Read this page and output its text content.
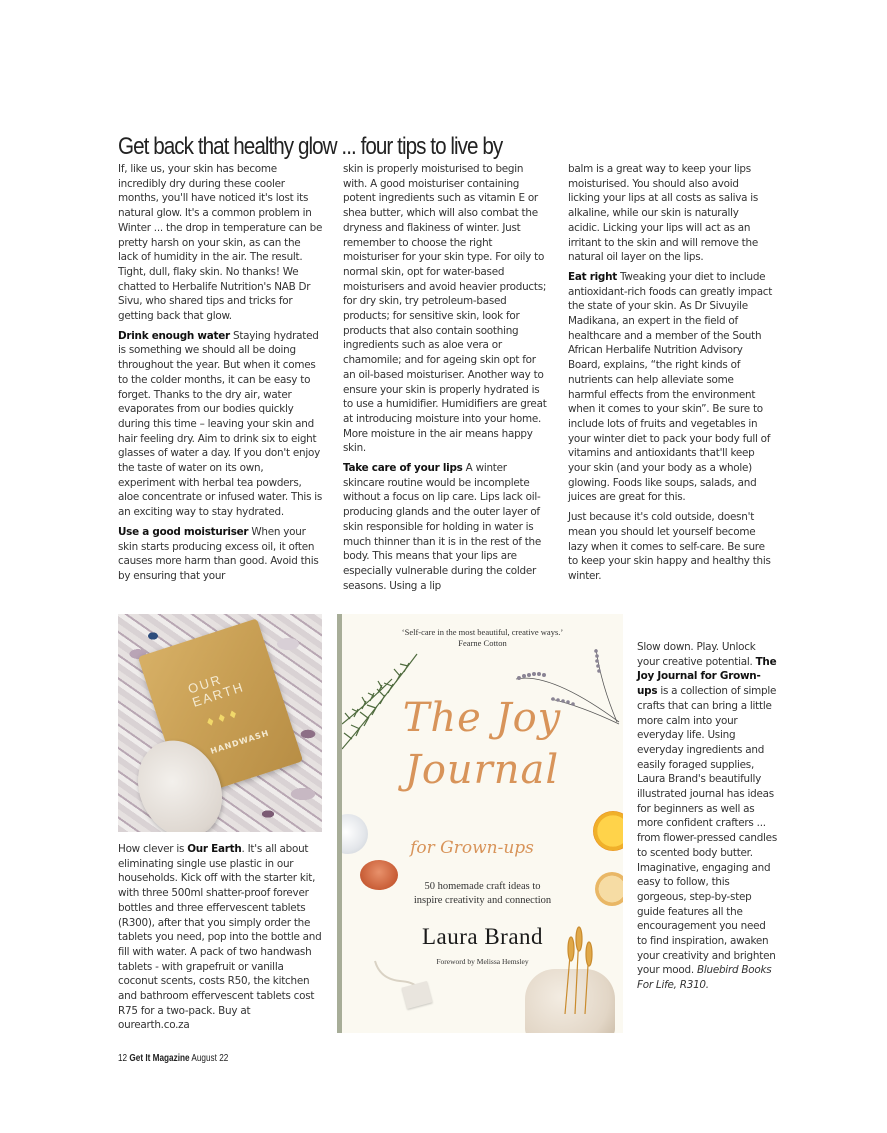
Get back that healthy glow ... four tips to live by

If, like us, your skin has become incredibly dry during these cooler months, you'll have noticed it's lost its natural glow. It's a common problem in Winter ... the drop in temperature can be pretty harsh on your skin, as can the lack of humidity in the air. The result. Tight, dull, flaky skin. No thanks! We chatted to Herbalife Nutrition's NAB Dr Sivu, who shared tips and tricks for getting back that glow.

Drink enough water Staying hydrated is something we should all be doing throughout the year. But when it comes to the colder months, it can be easy to forget. Thanks to the dry air, water evaporates from our bodies quickly during this time – leaving your skin and hair feeling dry. Aim to drink six to eight glasses of water a day. If you don't enjoy the taste of water on its own, experiment with herbal tea powders, aloe concentrate or infused water. This is an exciting way to stay hydrated.

Use a good moisturiser When your skin starts producing excess oil, it often causes more harm than good. Avoid this by ensuring that your

skin is properly moisturised to begin with. A good moisturiser containing potent ingredients such as vitamin E or shea butter, which will also combat the dryness and flakiness of winter. Just remember to choose the right moisturiser for your skin type. For oily to normal skin, opt for water-based moisturisers and avoid heavier products; for dry skin, try petroleum-based products; for sensitive skin, look for products that also contain soothing ingredients such as aloe vera or chamomile; and for ageing skin opt for an oil-based moisturiser. Another way to ensure your skin is properly hydrated is to use a humidifier. Humidifiers are great at introducing moisture into your home. More moisture in the air means happy skin.

Take care of your lips A winter skincare routine would be incomplete without a focus on lip care. Lips lack oil-producing glands and the outer layer of skin responsible for holding in water is much thinner than it is in the rest of the body. This means that your lips are especially vulnerable during the colder seasons. Using a lip

balm is a great way to keep your lips moisturised. You should also avoid licking your lips at all costs as saliva is alkaline, while our skin is naturally acidic. Licking your lips will act as an irritant to the skin and will remove the natural oil layer on the lips.

Eat right Tweaking your diet to include antioxidant-rich foods can greatly impact the state of your skin. As Dr Sivuyile Madikana, an expert in the field of healthcare and a member of the South African Herbalife Nutrition Advisory Board, explains, “the right kinds of nutrients can help alleviate some harmful effects from the environment when it comes to your skin”. Be sure to include lots of fruits and vegetables in your winter diet to pack your body full of vitamins and antioxidants that'll keep your skin (and your body as a whole) glowing. Foods like soups, salads, and juices are great for this.

Just because it's cold outside, doesn't mean you should let yourself become lazy when it comes to self-care. Be sure to keep your skin happy and healthy this winter.

OUR EARTH
♦♦♦
HANDWASH
How clever is Our Earth. It's all about eliminating single use plastic in our households. Kick off with the starter kit, with three 500ml shatter-proof forever bottles and three effervescent tablets (R300), after that you simply order the tablets you need, pop into the bottle and fill with water. A pack of two handwash tablets - with grapefruit or vanilla coconut scents, costs R50, the kitchen and bathroom effervescent tablets cost R75 for a two-pack. Buy at ourearth.co.za
‘Self-care in the most beautiful, creative ways.’
Fearne Cotton
The Joy
Journal
for Grown-ups
50 homemade craft ideas to
inspire creativity and connection
Laura Brand
Foreword by Melissa Hemsley
Slow down. Play. Unlock your creative potential. The Joy Journal for Grown-ups is a collection of simple crafts that can bring a little more calm into your everyday life. Using everyday ingredients and easily foraged supplies, Laura Brand's beautifully illustrated journal has ideas for beginners as well as more confident crafters ... from flower-pressed candles to scented body butter. Imaginative, engaging and easy to follow, this gorgeous, step-by-step guide features all the encouragement you need to find inspiration, awaken your creativity and brighten your mood. Bluebird Books For Life, R310.
12 Get It Magazine August 22
